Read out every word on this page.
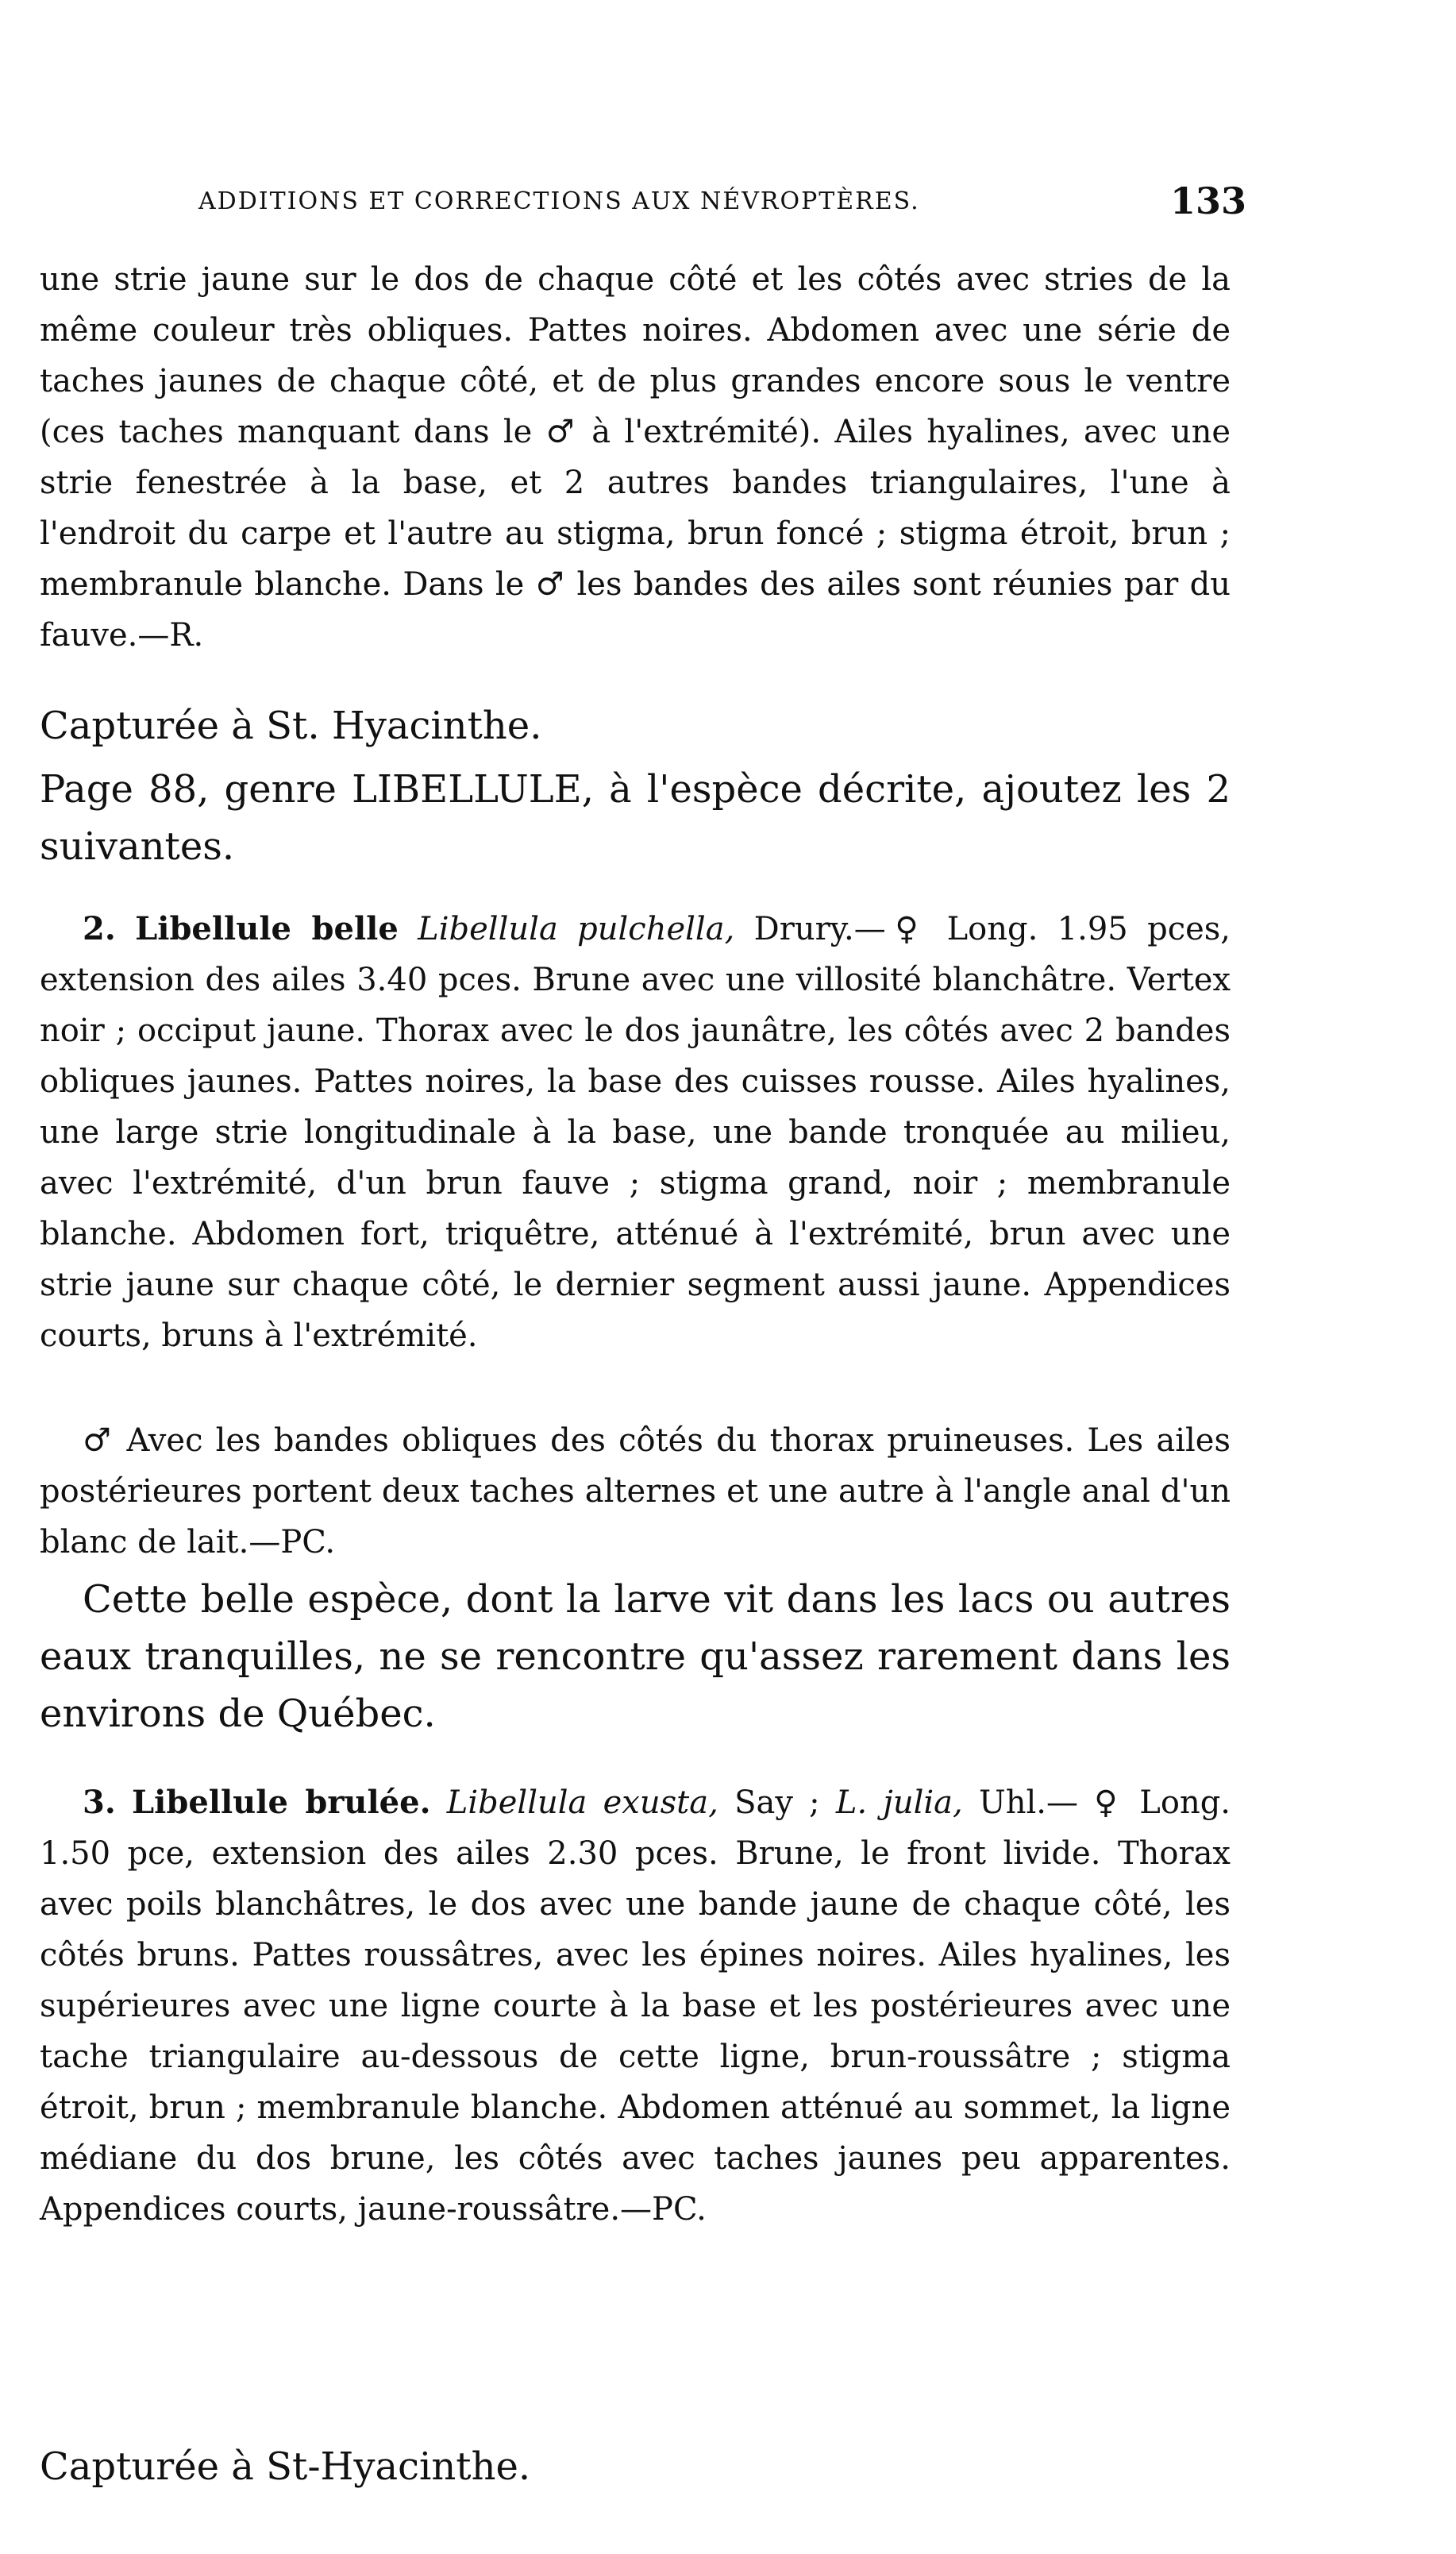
ADDITIONS ET CORRECTIONS AUX NÉVROPTÈRES.	133

une strie jaune sur le dos de chaque côté et les côtés avec stries de la même couleur très obliques. Pattes noires. Abdomen avec une série de taches jaunes de chaque côté, et de plus grandes encore sous le ventre (ces taches manquant dans le ♂ à l'extrémité). Ailes hyalines, avec une strie fenestrée à la base, et 2 autres bandes triangulaires, l'une à l'endroit du carpe et l'autre au stigma, brun foncé ; stigma étroit, brun ; membranule blanche. Dans le ♂ les bandes des ailes sont réunies par du fauve.—R.

Capturée à St. Hyacinthe.

Page 88, genre LIBELLULE, à l'espèce décrite, ajoutez les 2 suivantes.

2. Libellule belle Libellula pulchella, Drury.—♀ Long. 1.95 pces, extension des ailes 3.40 pces. Brune avec une villosité blanchâtre. Vertex noir ; occiput jaune. Thorax avec le dos jaunâtre, les côtés avec 2 bandes obliques jaunes. Pattes noires, la base des cuisses rousse. Ailes hyalines, une large strie longitudinale à la base, une bande tronquée au milieu, avec l'extrémité, d'un brun fauve ; stigma grand, noir ; membranule blanche. Abdomen fort, triquêtre, atténué à l'extrémité, brun avec une strie jaune sur chaque côté, le dernier segment aussi jaune. Appendices courts, bruns à l'extrémité.

♂ Avec les bandes obliques des côtés du thorax pruineuses. Les ailes postérieures portent deux taches alternes et une autre à l'angle anal d'un blanc de lait.—PC.

Cette belle espèce, dont la larve vit dans les lacs ou autres eaux tranquilles, ne se rencontre qu'assez rarement dans les environs de Québec.

3. Libellule brulée. Libellula exusta, Say ; L. julia, Uhl.— ♀ Long. 1.50 pce, extension des ailes 2.30 pces. Brune, le front livide. Thorax avec poils blanchâtres, le dos avec une bande jaune de chaque côté, les côtés bruns. Pattes roussâtres, avec les épines noires. Ailes hyalines, les supérieures avec une ligne courte à la base et les postérieures avec une tache triangulaire au-dessous de cette ligne, brun-roussâtre ; stigma étroit, brun ; membranule blanche. Abdomen atténué au sommet, la ligne médiane du dos brune, les côtés avec taches jaunes peu apparentes. Appendices courts, jaune-roussâtre.—PC.

Capturée à St-Hyacinthe.
